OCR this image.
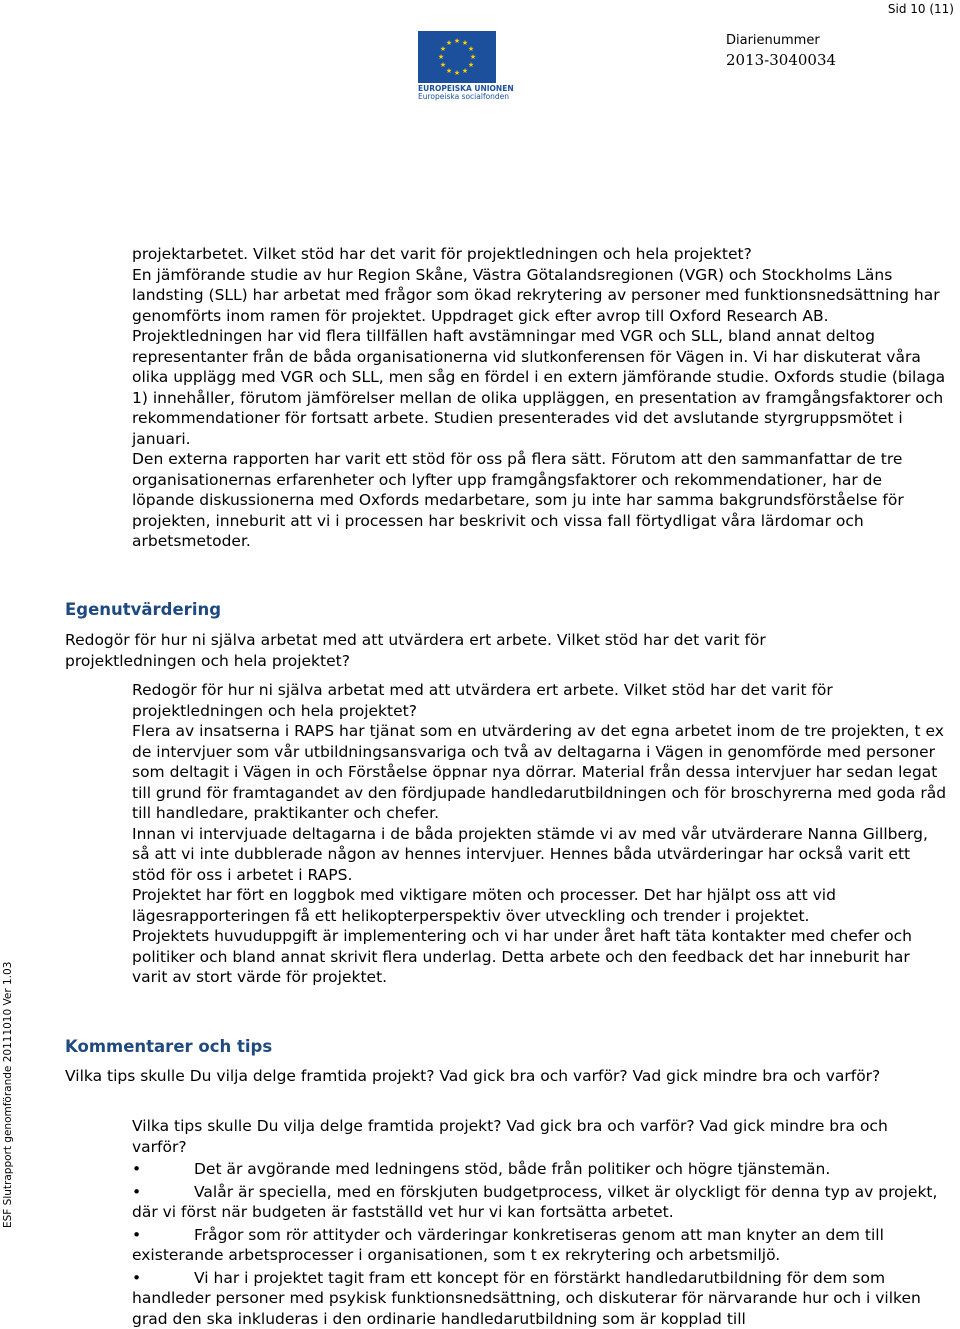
Sid 10 (11)
★ ★
★
★
★
★
★
★
★
★
★
★
EUROPEISKA UNIONEN
Europeiska socialfonden
Diarienummer
2013-3040034
ESF Slutrapport genomförande 20111010 Ver 1.03

projektarbetet. Vilket stöd har det varit för projektledningen och hela projektet?

En jämförande studie av hur Region Skåne, Västra Götalandsregionen (VGR) och Stockholms Läns landsting (SLL) har arbetat med frågor som ökad rekrytering av personer med funktionsnedsättning har genomförts inom ramen för projektet. Uppdraget gick efter avrop till Oxford Research AB.

Projektledningen har vid flera tillfällen haft avstämningar med VGR och SLL, bland annat deltog representanter från de båda organisationerna vid slutkonferensen för Vägen in. Vi har diskuterat våra olika upplägg med VGR och SLL, men såg en fördel i en extern jämförande studie. Oxfords studie (bilaga 1) innehåller, förutom jämförelser mellan de olika uppläggen, en presentation av framgångsfaktorer och rekommendationer för fortsatt arbete. Studien presenterades vid det avslutande styrgruppsmötet i januari.

Den externa rapporten har varit ett stöd för oss på flera sätt. Förutom att den sammanfattar de tre organisationernas erfarenheter och lyfter upp framgångsfaktorer och rekommendationer, har de löpande diskussionerna med Oxfords medarbetare, som ju inte har samma bakgrundsförståelse för projekten, inneburit att vi i processen har beskrivit och vissa fall förtydligat våra lärdomar och arbetsmetoder.

Egenutvärdering
Redogör för hur ni själva arbetat med att utvärdera ert arbete. Vilket stöd har det varit för projektledningen och hela projektet?

Redogör för hur ni själva arbetat med att utvärdera ert arbete. Vilket stöd har det varit för projektledningen och hela projektet?

Flera av insatserna i RAPS har tjänat som en utvärdering av det egna arbetet inom de tre projekten, t ex de intervjuer som vår utbildningsansvariga och två av deltagarna i Vägen in genomförde med personer som deltagit i Vägen in och Förståelse öppnar nya dörrar. Material från dessa intervjuer har sedan legat till grund för framtagandet av den fördjupade handledarutbildningen och för broschyrerna med goda råd till handledare, praktikanter och chefer.

Innan vi intervjuade deltagarna i de båda projekten stämde vi av med vår utvärderare Nanna Gillberg, så att vi inte dubblerade någon av hennes intervjuer. Hennes båda utvärderingar har också varit ett stöd för oss i arbetet i RAPS.

Projektet har fört en loggbok med viktigare möten och processer. Det har hjälpt oss att vid lägesrapporteringen få ett helikopterperspektiv över utveckling och trender i projektet.

Projektets huvuduppgift är implementering och vi har under året haft täta kontakter med chefer och politiker och bland annat skrivit flera underlag. Detta arbete och den feedback det har inneburit har varit av stort värde för projektet.

Kommentarer och tips
Vilka tips skulle Du vilja delge framtida projekt? Vad gick bra och varför? Vad gick mindre bra och varför?

Vilka tips skulle Du vilja delge framtida projekt? Vad gick bra och varför? Vad gick mindre bra och varför?

•	Det är avgörande med ledningens stöd, både från politiker och högre tjänstemän.
•	Valår är speciella, med en förskjuten budgetprocess, vilket är olyckligt för denna typ av projekt, där vi först när budgeten är fastställd vet hur vi kan fortsätta arbetet.
•	Frågor som rör attityder och värderingar konkretiseras genom att man knyter an dem till existerande arbetsprocesser i organisationen, som t ex rekrytering och arbetsmiljö.
•	Vi har i projektet tagit fram ett koncept för en förstärkt handledarutbildning för dem som handleder personer med psykisk funktionsnedsättning, och diskuterar för närvarande hur och i vilken grad den ska inkluderas i den ordinarie handledarutbildning som är kopplad till
